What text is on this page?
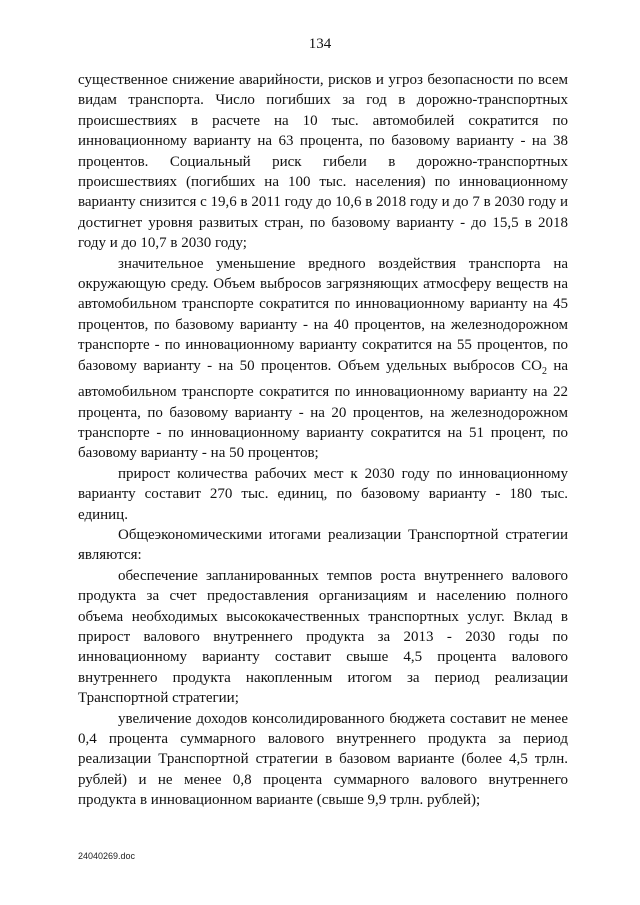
134

существенное снижение аварийности, рисков и угроз безопасности по всем видам транспорта. Число погибших за год в дорожно-транспортных происшествиях в расчете на 10 тыс. автомобилей сократится по инновационному варианту на 63 процента, по базовому варианту - на 38 процентов. Социальный риск гибели в дорожно-транспортных происшествиях (погибших на 100 тыс. населения) по инновационному варианту снизится с 19,6 в 2011 году до 10,6 в 2018 году и до 7 в 2030 году и достигнет уровня развитых стран, по базовому варианту - до 15,5 в 2018 году и до 10,7 в 2030 году;

значительное уменьшение вредного воздействия транспорта на окружающую среду. Объем выбросов загрязняющих атмосферу веществ на автомобильном транспорте сократится по инновационному варианту на 45 процентов, по базовому варианту - на 40 процентов, на железнодорожном транспорте - по инновационному варианту сократится на 55 процентов, по базовому варианту - на 50 процентов. Объем удельных выбросов $CO_2$ на автомобильном транспорте сократится по инновационному варианту на 22 процента, по базовому варианту - на 20 процентов, на железнодорожном транспорте - по инновационному варианту сократится на 51 процент, по базовому варианту - на 50 процентов;

прирост количества рабочих мест к 2030 году по инновационному варианту составит 270 тыс. единиц, по базовому варианту - 180 тыс. единиц.

Общеэкономическими итогами реализации Транспортной стратегии являются:

обеспечение запланированных темпов роста внутреннего валового продукта за счет предоставления организациям и населению полного объема необходимых высококачественных транспортных услуг. Вклад в прирост валового внутреннего продукта за 2013 - 2030 годы по инновационному варианту составит свыше 4,5 процента валового внутреннего продукта накопленным итогом за период реализации Транспортной стратегии;

увеличение доходов консолидированного бюджета составит не менее 0,4 процента суммарного валового внутреннего продукта за период реализации Транспортной стратегии в базовом варианте (более 4,5 трлн. рублей) и не менее 0,8 процента суммарного валового внутреннего продукта в инновационном варианте (свыше 9,9 трлн. рублей);

24040269.doc
